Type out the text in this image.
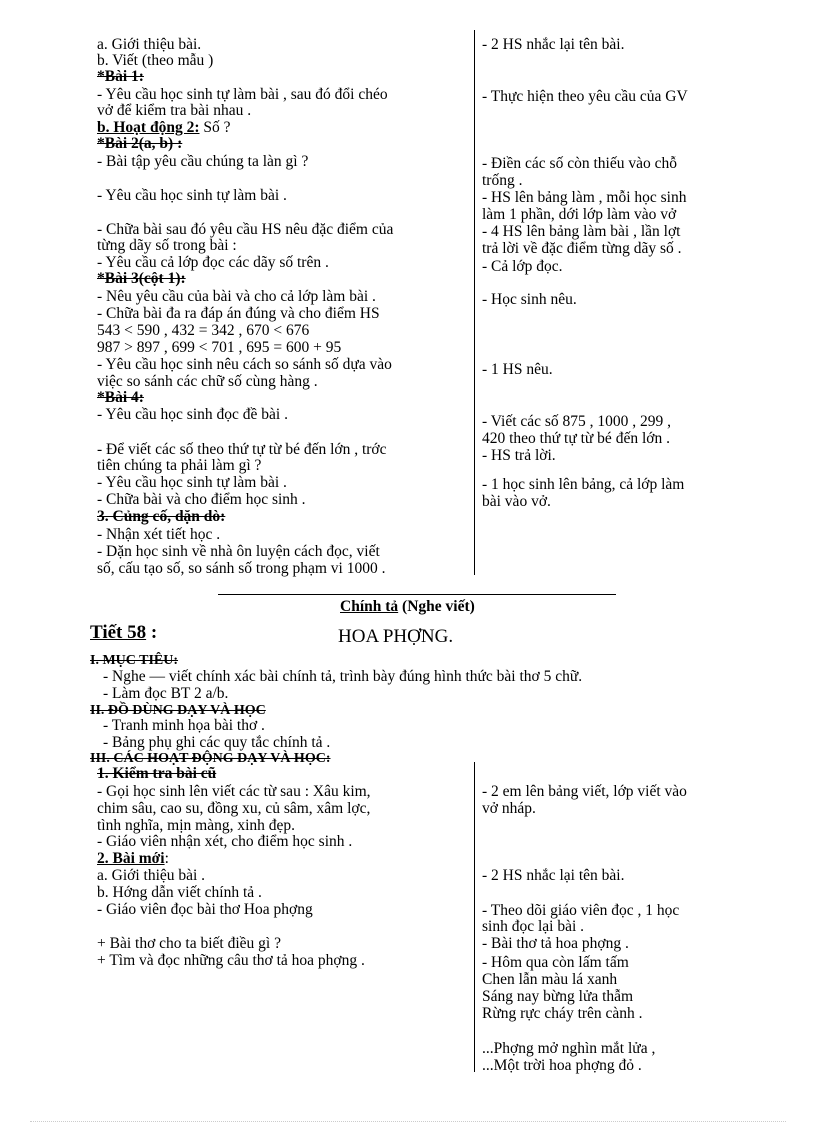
a. Giới thiệu bài.
b. Viết (theo mẫu )
*Bài 1:
- Yêu cầu học sinh tự làm bài , sau đó đổi chéo
vở để kiểm tra bài nhau .
b. Hoạt động 2: Số ?
*Bài 2(a, b) :
- Bài tập yêu cầu chúng ta làn gì ?
- Yêu cầu học sinh tự làm bài .
- Chữa bài sau đó yêu cầu HS nêu đặc điểm của
từng dãy số trong bài :
- Yêu cầu cả lớp đọc các dãy số trên .
*Bài 3(cột 1):
- Nêu yêu cầu của bài và cho cả lớp làm bài .
- Chữa bài đa ra đáp án đúng và cho điểm HS
543 < 590 , 432 = 342 , 670 < 676
987 > 897 , 699 < 701 , 695 = 600 + 95
- Yêu cầu học sinh nêu cách so sánh số dựa vào
việc so sánh các chữ số cùng hàng .
*Bài 4:
- Yêu cầu học sinh đọc đề bài .
- Để viết các số theo thứ tự từ bé đến lớn , trớc
tiên chúng ta phải làm gì ?
- Yêu cầu học sinh tự làm bài .
- Chữa bài và cho điểm học sinh .
3. Củng cố, dặn dò:
- Nhận xét tiết học .
- Dặn học sinh về nhà ôn luyện cách đọc, viết
số, cấu tạo số, so sánh số trong phạm vi 1000 .
- 2 HS nhắc lại tên bài.
- Thực hiện theo yêu cầu của GV
- Điền các số còn thiếu vào chỗ
trống .
- HS lên bảng làm , mỗi học sinh
làm 1 phần, dới lớp làm vào vở
- 4 HS lên bảng làm bài , lần lợt
trả lời về đặc điểm từng dãy số .
- Cả lớp đọc.
- Học sinh nêu.
- 1 HS nêu.
- Viết các số 875 , 1000 , 299 ,
420 theo thứ tự từ bé đến lớn .
- HS trả lời.
- 1 học sinh lên bảng, cả lớp làm
bài vào vở.
Chính tả (Nghe viết)
Tiết 58 :	HOA PHỢNG.
I. MỤC TIÊU:
- Nghe — viết chính xác bài chính tả, trình bày đúng hình thức bài thơ 5 chữ.
- Làm đọc BT 2 a/b.
II. ĐỒ DÙNG DẠY VÀ HỌC
- Tranh minh họa bài thơ .
- Bảng phụ ghi các quy tắc chính tả .
III. CÁC HOẠT ĐỘNG DẠY VÀ HỌC:
1. Kiểm tra bài cũ
- Gọi học sinh lên viết các từ sau : Xâu kim,
chim sâu, cao su, đồng xu, củ sâm, xâm lợc,
tình nghĩa, mịn màng, xinh đẹp.
- Giáo viên nhận xét, cho điểm học sinh .
2. Bài mới:
a. Giới thiệu bài .
b. Hớng dẫn viết chính tả .
- Giáo viên đọc bài thơ Hoa phợng
+ Bài thơ cho ta biết điều gì ?
+ Tìm và đọc những câu thơ tả hoa phợng .
- 2 em lên bảng viết, lớp viết vào
vở nháp.
- 2 HS nhắc lại tên bài.
- Theo dõi giáo viên đọc , 1 học
sinh đọc lại bài .
- Bài thơ tả hoa phợng .
- Hôm qua còn lấm tấm
Chen lẫn màu lá xanh
Sáng nay bừng lửa thẫm
Rừng rực cháy trên cành .
...Phợng mở nghìn mắt lửa ,
...Một trời hoa phợng đỏ .
